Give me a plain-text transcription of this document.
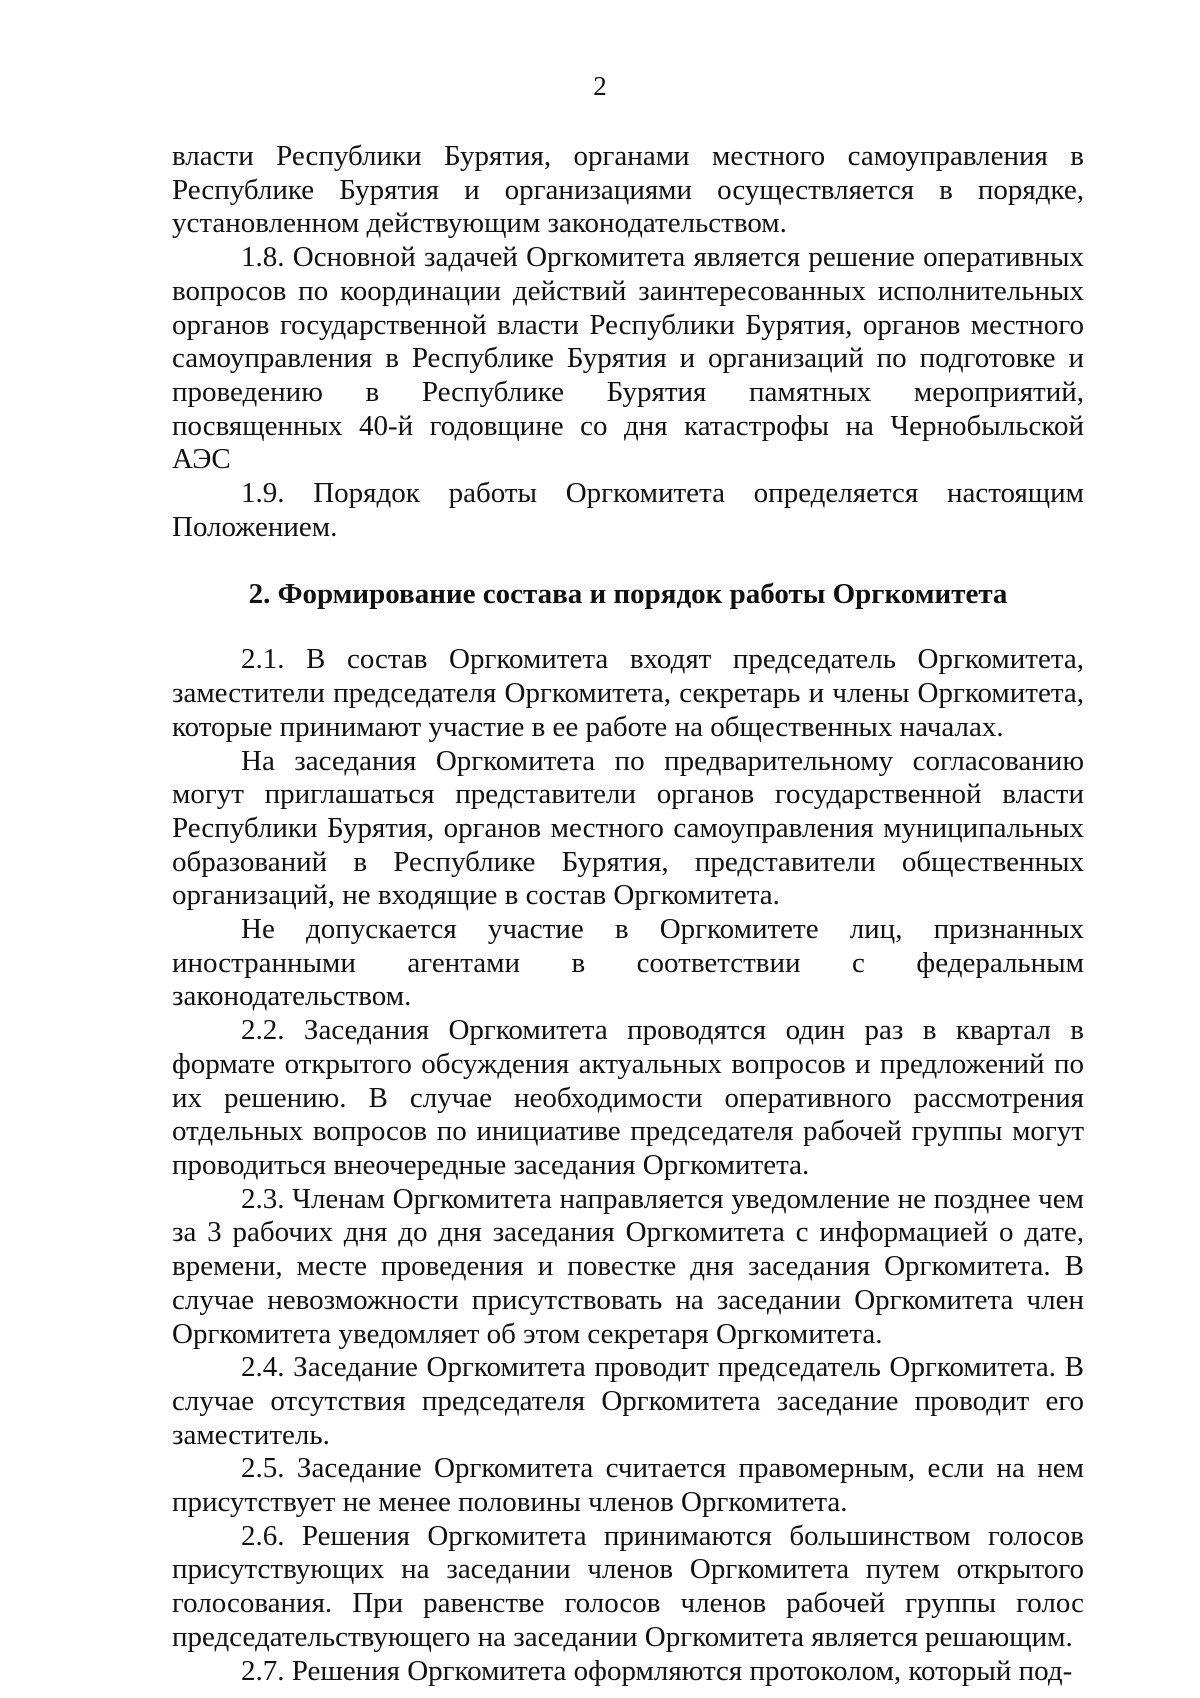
2

власти Республики Бурятия, органами местного самоуправления в Республике Бурятия и организациями осуществляется в порядке, установленном действующим законодательством.

1.8. Основной задачей Оргкомитета является решение оперативных вопросов по координации действий заинтересованных исполнительных органов государственной власти Республики Бурятия, органов местного самоуправления в Республике Бурятия и организаций по подготовке и проведению в Республике Бурятия памятных мероприятий, посвященных 40-й годовщине со дня катастрофы на Чернобыльской АЭС

1.9. Порядок работы Оргкомитета определяется настоящим Положением.

2. Формирование состава и порядок работы Оргкомитета

2.1. В состав Оргкомитета входят председатель Оргкомитета, заместители председателя Оргкомитета, секретарь и члены Оргкомитета, которые принимают участие в ее работе на общественных началах.

На заседания Оргкомитета по предварительному согласованию могут приглашаться представители органов государственной власти Республики Бурятия, органов местного самоуправления муниципальных образований в Республике Бурятия, представители общественных организаций, не входящие в состав Оргкомитета.

Не допускается участие в Оргкомитете лиц, признанных иностранными агентами в соответствии с федеральным законодательством.

2.2. Заседания Оргкомитета проводятся один раз в квартал в формате открытого обсуждения актуальных вопросов и предложений по их решению. В случае необходимости оперативного рассмотрения отдельных вопросов по инициативе председателя рабочей группы могут проводиться внеочередные заседания Оргкомитета.

2.3. Членам Оргкомитета направляется уведомление не позднее чем за 3 рабочих дня до дня заседания Оргкомитета с информацией о дате, времени, месте проведения и повестке дня заседания Оргкомитета. В случае невозможности присутствовать на заседании Оргкомитета член Оргкомитета уведомляет об этом секретаря Оргкомитета.

2.4. Заседание Оргкомитета проводит председатель Оргкомитета. В случае отсутствия председателя Оргкомитета заседание проводит его заместитель.

2.5. Заседание Оргкомитета считается правомерным, если на нем присутствует не менее половины членов Оргкомитета.

2.6. Решения Оргкомитета принимаются большинством голосов присутствующих на заседании членов Оргкомитета путем открытого голосования. При равенстве голосов членов рабочей группы голос председательствующего на заседании Оргкомитета является решающим.

2.7. Решения Оргкомитета оформляются протоколом, который под-
